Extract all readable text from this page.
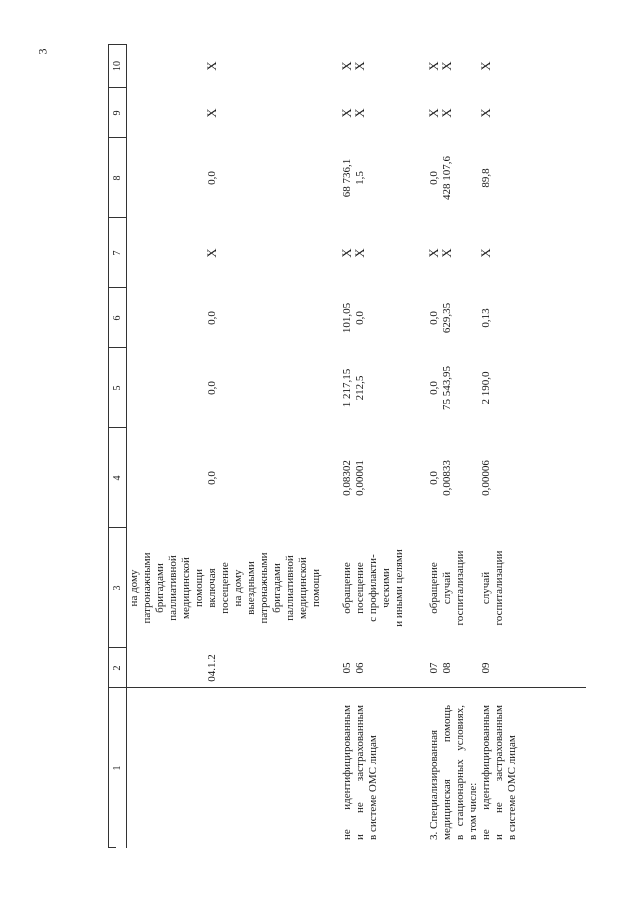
3
1
2
3
4
5
6
7
8
9
10
на дому патронажными бригадами паллиативной медицинской помощи
04.1.2
включая посещение на дому выездными патронажными бригадами паллиативной медицинской помощи
0,0
0,0
0,0
X
0,0
X
X
не идентифицированным и не застрахованным в системе ОМС лицам
05 06
обращение посещение с профилакти- ческими и иными целями
0,08302 0,00001
1 217,15 212,5
101,05 0,0
X
X
68 736,1 1,5
X
X
X
X
3. Специализированная медицинская помощь в стационарных условиях, в том числе:
07 08
обращение случай госпитализации
0,0 0,00833
0,0 75 543,95
0,0 629,35
X
X
0,0 428 107,6
X
X
X
X
не идентифицированным и не застрахованным в системе ОМС лицам
09
случай госпитализации
0,00006
2 190,0
0,13
X
89,8
X
X
